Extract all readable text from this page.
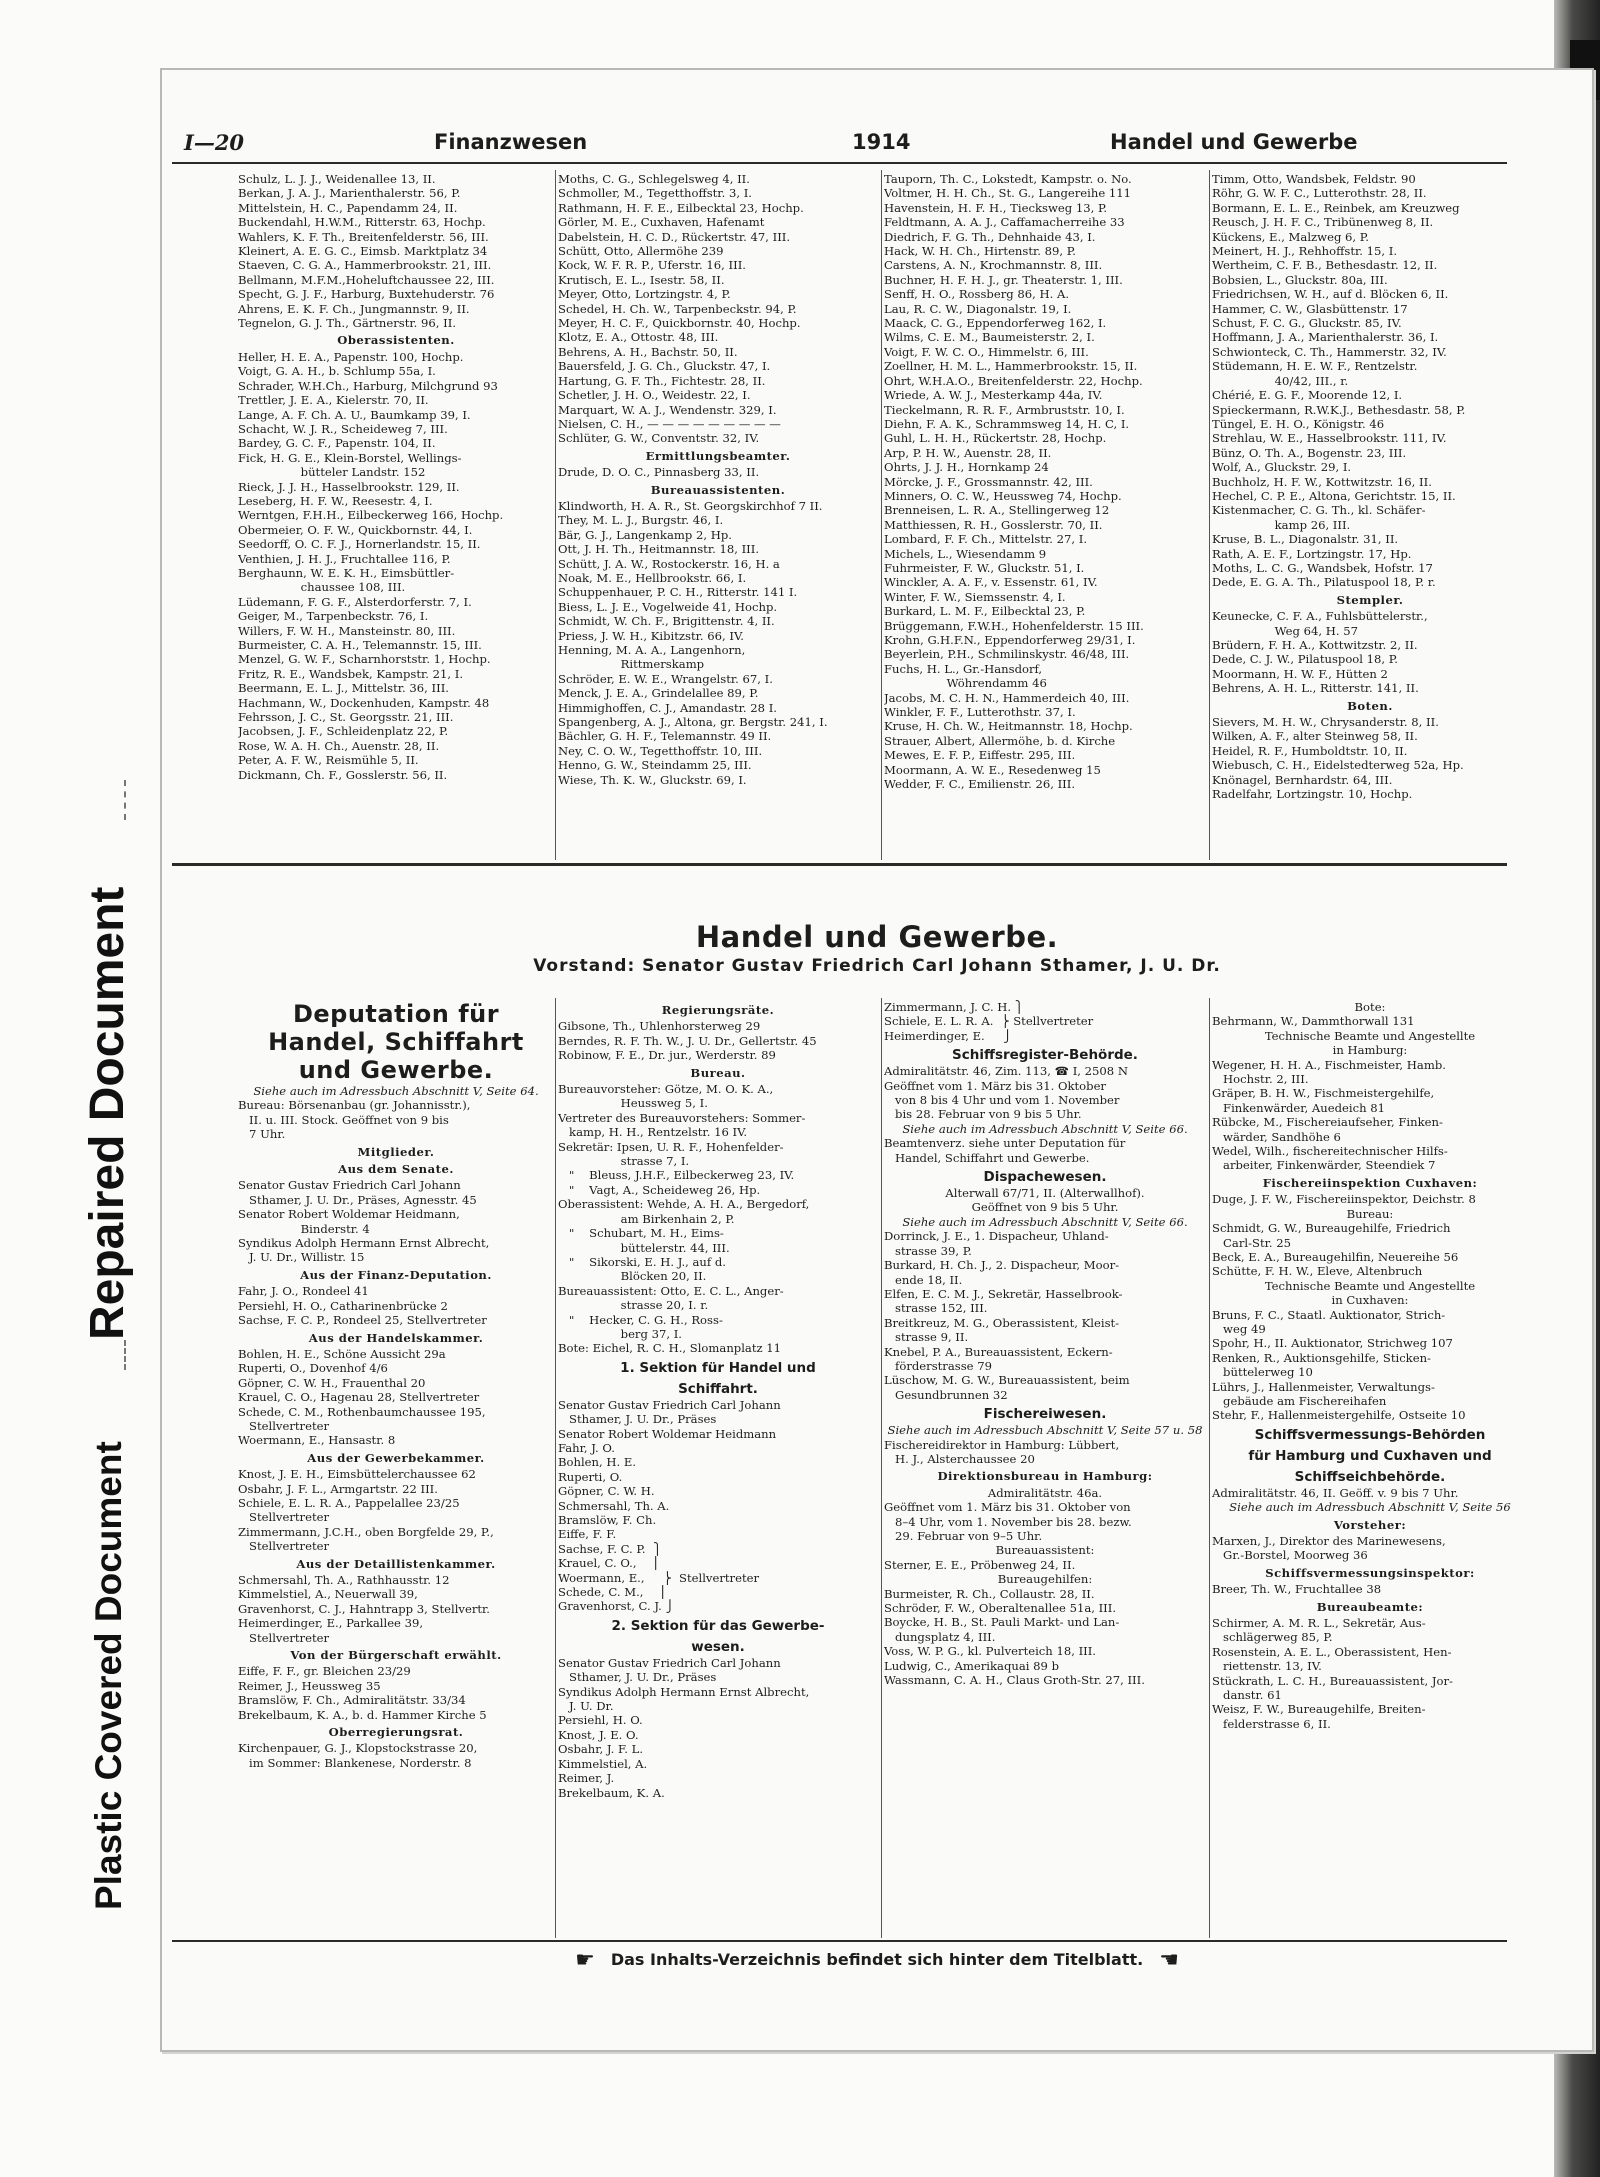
Repaired Document
Plastic Covered Document
I—20	Finanzwesen	1914	Handel und Gewerbe
Schulz, L. J. J., Weidenallee 13, II.
Berkan, J. A. J., Marienthalerstr. 56, P.
Mittelstein, H. C., Papendamm 24, II.
Buckendahl, H.W.M., Ritterstr. 63, Hochp.
Wahlers, K. F. Th., Breitenfelderstr. 56, III.
Kleinert, A. E. G. C., Eimsb. Marktplatz 34
Staeven, C. G. A., Hammerbrookstr. 21, III.
Bellmann, M.F.M.,Hoheluftchaussee 22, III.
Specht, G. J. F., Harburg, Buxtehuderstr. 76
Ahrens, E. K. F. Ch., Jungmannstr. 9, II.
Tegnelon, G. J. Th., Gärtnerstr. 96, II.
Oberassistenten.
Heller, H. E. A., Papenstr. 100, Hochp.
Voigt, G. A. H., b. Schlump 55a, I.
Schrader, W.H.Ch., Harburg, Milchgrund 93
Trettler, J. E. A., Kielerstr. 70, II.
Lange, A. F. Ch. A. U., Baumkamp 39, I.
Schacht, W. J. R., Scheideweg 7, III.
Bardey, G. C. F., Papenstr. 104, II.
Fick, H. G. E., Klein-Borstel, Wellings-
bütteler Landstr. 152
Rieck, J. J. H., Hasselbrookstr. 129, II.
Leseberg, H. F. W., Reesestr. 4, I.
Werntgen, F.H.H., Eilbeckerweg 166, Hochp.
Obermeier, O. F. W., Quickbornstr. 44, I.
Seedorff, O. C. F. J., Hornerlandstr. 15, II.
Venthien, J. H. J., Fruchtallee 116, P.
Berghaunn, W. E. K. H., Eimsbüttler-
chaussee 108, III.
Lüdemann, F. G. F., Alsterdorferstr. 7, I.
Geiger, M., Tarpenbeckstr. 76, I.
Willers, F. W. H., Mansteinstr. 80, III.
Burmeister, C. A. H., Telemannstr. 15, III.
Menzel, G. W. F., Scharnhorststr. 1, Hochp.
Fritz, R. E., Wandsbek, Kampstr. 21, I.
Beermann, E. L. J., Mittelstr. 36, III.
Hachmann, W., Dockenhuden, Kampstr. 48
Fehrsson, J. C., St. Georgsstr. 21, III.
Jacobsen, J. F., Schleidenplatz 22, P.
Rose, W. A. H. Ch., Auenstr. 28, II.
Peter, A. F. W., Reismühle 5, II.
Dickmann, Ch. F., Gosslerstr. 56, II.
Moths, C. G., Schlegelsweg 4, II.
Schmoller, M., Tegetthoffstr. 3, I.
Rathmann, H. F. E., Eilbecktal 23, Hochp.
Görler, M. E., Cuxhaven, Hafenamt
Dabelstein, H. C. D., Rückertstr. 47, III.
Schütt, Otto, Allermöhe 239
Kock, W. F. R. P., Uferstr. 16, III.
Krutisch, E. L., Isestr. 58, II.
Meyer, Otto, Lortzingstr. 4, P.
Schedel, H. Ch. W., Tarpenbeckstr. 94, P.
Meyer, H. C. F., Quickbornstr. 40, Hochp.
Klotz, E. A., Ottostr. 48, III.
Behrens, A. H., Bachstr. 50, II.
Bauersfeld, J. G. Ch., Gluckstr. 47, I.
Hartung, G. F. Th., Fichtestr. 28, II.
Schetler, J. H. O., Weidestr. 22, I.
Marquart, W. A. J., Wendenstr. 329, I.
Nielsen, C. H., — — — — — — — — —
Schlüter, G. W., Conventstr. 32, IV.
Ermittlungsbeamter.
Drude, D. O. C., Pinnasberg 33, II.
Bureauassistenten.
Klindworth, H. A. R., St. Georgskirchhof 7 II.
They, M. L. J., Burgstr. 46, I.
Bär, G. J., Langenkamp 2, Hp.
Ott, J. H. Th., Heitmannstr. 18, III.
Schütt, J. A. W., Rostockerstr. 16, H. a
Noak, M. E., Hellbrookstr. 66, I.
Schuppenhauer, P. C. H., Ritterstr. 141 I.
Biess, L. J. E., Vogelweide 41, Hochp.
Schmidt, W. Ch. F., Brigittenstr. 4, II.
Priess, J. W. H., Kibitzstr. 66, IV.
Henning, M. A. A., Langenhorn,
Rittmerskamp
Schröder, E. W. E., Wrangelstr. 67, I.
Menck, J. E. A., Grindelallee 89, P.
Himmighoffen, C. J., Amandastr. 28 I.
Spangenberg, A. J., Altona, gr. Bergstr. 241, I.
Bächler, G. H. F., Telemannstr. 49 II.
Ney, C. O. W., Tegetthoffstr. 10, III.
Henno, G. W., Steindamm 25, III.
Wiese, Th. K. W., Gluckstr. 69, I.
Tauporn, Th. C., Lokstedt, Kampstr. o. No.
Voltmer, H. H. Ch., St. G., Langereihe 111
Havenstein, H. F. H., Tiecksweg 13, P.
Feldtmann, A. A. J., Caffamacherreihe 33
Diedrich, F. G. Th., Dehnhaide 43, I.
Hack, W. H. Ch., Hirtenstr. 89, P.
Carstens, A. N., Krochmannstr. 8, III.
Buchner, H. F. H. J., gr. Theaterstr. 1, III.
Senff, H. O., Rossberg 86, H. A.
Lau, R. C. W., Diagonalstr. 19, I.
Maack, C. G., Eppendorferweg 162, I.
Wilms, C. E. M., Baumeisterstr. 2, I.
Voigt, F. W. C. O., Himmelstr. 6, III.
Zoellner, H. M. L., Hammerbrookstr. 15, II.
Ohrt, W.H.A.O., Breitenfelderstr. 22, Hochp.
Wriede, A. W. J., Mesterkamp 44a, IV.
Tieckelmann, R. R. F., Armbruststr. 10, I.
Diehn, F. A. K., Schrammsweg 14, H. C, I.
Guhl, L. H. H., Rückertstr. 28, Hochp.
Arp, P. H. W., Auenstr. 28, II.
Ohrts, J. J. H., Hornkamp 24
Mörcke, J. F., Grossmannstr. 42, III.
Minners, O. C. W., Heussweg 74, Hochp.
Brenneisen, L. R. A., Stellingerweg 12
Matthiessen, R. H., Gosslerstr. 70, II.
Lombard, F. F. Ch., Mittelstr. 27, I.
Michels, L., Wiesendamm 9
Fuhrmeister, F. W., Gluckstr. 51, I.
Winckler, A. A. F., v. Essenstr. 61, IV.
Winter, F. W., Siemssenstr. 4, I.
Burkard, L. M. F., Eilbecktal 23, P.
Brüggemann, F.W.H., Hohenfelderstr. 15 III.
Krohn, G.H.F.N., Eppendorferweg 29/31, I.
Beyerlein, P.H., Schmilinskystr. 46/48, III.
Fuchs, H. L., Gr.-Hansdorf,
Wöhrendamm 46
Jacobs, M. C. H. N., Hammerdeich 40, III.
Winkler, F. F., Lutterothstr. 37, I.
Kruse, H. Ch. W., Heitmannstr. 18, Hochp.
Strauer, Albert, Allermöhe, b. d. Kirche
Mewes, E. F. P., Eiffestr. 295, III.
Moormann, A. W. E., Resedenweg 15
Wedder, F. C., Emilienstr. 26, III.
Timm, Otto, Wandsbek, Feldstr. 90
Röhr, G. W. F. C., Lutterothstr. 28, II.
Bormann, E. L. E., Reinbek, am Kreuzweg
Reusch, J. H. F. C., Tribünenweg 8, II.
Kückens, E., Malzweg 6, P.
Meinert, H. J., Rehhoffstr. 15, I.
Wertheim, C. F. B., Bethesdastr. 12, II.
Bobsien, L., Gluckstr. 80a, III.
Friedrichsen, W. H., auf d. Blöcken 6, II.
Hammer, C. W., Glasbüttenstr. 17
Schust, F. C. G., Gluckstr. 85, IV.
Hoffmann, J. A., Marienthalerstr. 36, I.
Schwionteck, C. Th., Hammerstr. 32, IV.
Stüdemann, H. E. W. F., Rentzelstr.
40/42, III., r.
Chérié, E. G. F., Moorende 12, I.
Spieckermann, R.W.K.J., Bethesdastr. 58, P.
Tüngel, E. H. O., Königstr. 46
Strehlau, W. E., Hasselbrookstr. 111, IV.
Bünz, O. Th. A., Bogenstr. 23, III.
Wolf, A., Gluckstr. 29, I.
Buchholz, H. F. W., Kottwitzstr. 16, II.
Hechel, C. P. E., Altona, Gerichtstr. 15, II.
Kistenmacher, C. G. Th., kl. Schäfer-
kamp 26, III.
Kruse, B. L., Diagonalstr. 31, II.
Rath, A. E. F., Lortzingstr. 17, Hp.
Moths, L. C. G., Wandsbek, Hofstr. 17
Dede, E. G. A. Th., Pilatuspool 18, P. r.
Stempler.
Keunecke, C. F. A., Fuhlsbüttelerstr.,
Weg 64, H. 57
Brüdern, F. H. A., Kottwitzstr. 2, II.
Dede, C. J. W., Pilatuspool 18, P.
Moormann, H. W. F., Hütten 2
Behrens, A. H. L., Ritterstr. 141, II.
Boten.
Sievers, M. H. W., Chrysanderstr. 8, II.
Wilken, A. F., alter Steinweg 58, II.
Heidel, R. F., Humboldtstr. 10, II.
Wiebusch, C. H., Eidelstedterweg 52a, Hp.
Knönagel, Bernhardstr. 64, III.
Radelfahr, Lortzingstr. 10, Hochp.
Handel und Gewerbe.
Vorstand: Senator Gustav Friedrich Carl Johann Sthamer, J. U. Dr.
Deputation für
Handel, Schiffahrt
und Gewerbe.
Siehe auch im Adressbuch Abschnitt V, Seite 64.
Bureau: Börsenanbau (gr. Johannisstr.),
II. u. III. Stock. Geöffnet von 9 bis
7 Uhr.
Mitglieder.
Aus dem Senate.
Senator Gustav Friedrich Carl Johann
Sthamer, J. U. Dr., Präses, Agnesstr. 45
Senator Robert Woldemar Heidmann,
Binderstr. 4
Syndikus Adolph Hermann Ernst Albrecht,
J. U. Dr., Willistr. 15
Aus der Finanz-Deputation.
Fahr, J. O., Rondeel 41
Persiehl, H. O., Catharinenbrücke 2
Sachse, F. C. P., Rondeel 25, Stellvertreter
Aus der Handelskammer.
Bohlen, H. E., Schöne Aussicht 29a
Ruperti, O., Dovenhof 4/6
Göpner, C. W. H., Frauenthal 20
Krauel, C. O., Hagenau 28, Stellvertreter
Schede, C. M., Rothenbaumchaussee 195,
Stellvertreter
Woermann, E., Hansastr. 8
Aus der Gewerbekammer.
Knost, J. E. H., Eimsbüttelerchaussee 62
Osbahr, J. F. L., Armgartstr. 22 III.
Schiele, E. L. R. A., Pappelallee 23/25
Stellvertreter
Zimmermann, J.C.H., oben Borgfelde 29, P.,
Stellvertreter
Aus der Detaillistenkammer.
Schmersahl, Th. A., Rathhausstr. 12
Kimmelstiel, A., Neuerwall 39,
Gravenhorst, C. J., Hahntrapp 3, Stellvertr.
Heimerdinger, E., Parkallee 39,
Stellvertreter
Von der Bürgerschaft erwählt.
Eiffe, F. F., gr. Bleichen 23/29
Reimer, J., Heussweg 35
Bramslöw, F. Ch., Admiralitätstr. 33/34
Brekelbaum, K. A., b. d. Hammer Kirche 5
Oberregierungsrat.
Kirchenpauer, G. J., Klopstockstrasse 20,
im Sommer: Blankenese, Norderstr. 8
Regierungsräte.
Gibsone, Th., Uhlenhorsterweg 29
Berndes, R. F. Th. W., J. U. Dr., Gellertstr. 45
Robinow, F. E., Dr. jur., Werderstr. 89
Bureau.
Bureauvorsteher: Götze, M. O. K. A.,
Heussweg 5, I.
Vertreter des Bureauvorstehers: Sommer-
kamp, H. H., Rentzelstr. 16 IV.
Sekretär: Ipsen, U. R. F., Hohenfelder-
strasse 7, I.
"    Bleuss, J.H.F., Eilbeckerweg 23, IV.
"    Vagt, A., Scheideweg 26, Hp.
Oberassistent: Wehde, A. H. A., Bergedorf,
am Birkenhain 2, P.
"    Schubart, M. H., Eims-
büttelerstr. 44, III.
"    Sikorski, E. H. J., auf d.
Blöcken 20, II.
Bureauassistent: Otto, E. C. L., Anger-
strasse 20, I. r.
"    Hecker, C. G. H., Ross-
berg 37, I.
Bote: Eichel, R. C. H., Slomanplatz 11
1. Sektion für Handel und
Schiffahrt.
Senator Gustav Friedrich Carl Johann
Sthamer, J. U. Dr., Präses
Senator Robert Woldemar Heidmann
Fahr, J. O.
Bohlen, H. E.
Ruperti, O.
Göpner, C. W. H.
Schmersahl, Th. A.
Bramslöw, F. Ch.
Eiffe, F. F.
Sachse, F. C. P.  ⎫
Krauel, C. O.,    ⎪
Woermann, E.,     ⎬  Stellvertreter
Schede, C. M.,    ⎪
Gravenhorst, C. J. ⎭
2. Sektion für das Gewerbe-
wesen.
Senator Gustav Friedrich Carl Johann
Sthamer, J. U. Dr., Präses
Syndikus Adolph Hermann Ernst Albrecht,
J. U. Dr.
Persiehl, H. O.
Knost, J. E. O.
Osbahr, J. F. L.
Kimmelstiel, A.
Reimer, J.
Brekelbaum, K. A.
Zimmermann, J. C. H. ⎫
Schiele, E. L. R. A.  ⎬ Stellvertreter
Heimerdinger, E.     ⎭
Schiffsregister-Behörde.
Admiralitätstr. 46, Zim. 113, ☎ I, 2508 N
Geöffnet vom 1. März bis 31. Oktober
von 8 bis 4 Uhr und vom 1. November
bis 28. Februar von 9 bis 5 Uhr.
Siehe auch im Adressbuch Abschnitt V, Seite 66.
Beamtenverz. siehe unter Deputation für
Handel, Schiffahrt und Gewerbe.
Dispachewesen.
Alterwall 67/71, II. (Alterwallhof).
Geöffnet von 9 bis 5 Uhr.
Siehe auch im Adressbuch Abschnitt V, Seite 66.
Dorrinck, J. E., 1. Dispacheur, Uhland-
strasse 39, P.
Burkard, H. Ch. J., 2. Dispacheur, Moor-
ende 18, II.
Elfen, E. C. M. J., Sekretär, Hasselbrook-
strasse 152, III.
Breitkreuz, M. G., Oberassistent, Kleist-
strasse 9, II.
Knebel, P. A., Bureauassistent, Eckern-
förderstrasse 79
Lüschow, M. G. W., Bureauassistent, beim
Gesundbrunnen 32
Fischereiwesen.
Siehe auch im Adressbuch Abschnitt V, Seite 57 u. 58
Fischereidirektor in Hamburg: Lübbert,
H. J., Alsterchaussee 20
Direktionsbureau in Hamburg:
Admiralitätstr. 46a.
Geöffnet vom 1. März bis 31. Oktober von
8–4 Uhr, vom 1. November bis 28. bezw.
29. Februar von 9–5 Uhr.
Bureauassistent:
Sterner, E. E., Pröbenweg 24, II.
Bureaugehilfen:
Burmeister, R. Ch., Collaustr. 28, II.
Schröder, F. W., Oberaltenallee 51a, III.
Boycke, H. B., St. Pauli Markt- und Lan-
dungsplatz 4, III.
Voss, W. P. G., kl. Pulverteich 18, III.
Ludwig, C., Amerikaquai 89 b
Wassmann, C. A. H., Claus Groth-Str. 27, III.
Bote:
Behrmann, W., Dammthorwall 131
Technische Beamte und Angestellte
in Hamburg:
Wegener, H. H. A., Fischmeister, Hamb.
Hochstr. 2, III.
Gräper, B. H. W., Fischmeistergehilfe,
Finkenwärder, Auedeich 81
Rübcke, M., Fischereiaufseher, Finken-
wärder, Sandhöhe 6
Wedel, Wilh., fischereitechnischer Hilfs-
arbeiter, Finkenwärder, Steendiek 7
Fischereiinspektion Cuxhaven:
Duge, J. F. W., Fischereiinspektor, Deichstr. 8
Bureau:
Schmidt, G. W., Bureaugehilfe, Friedrich
Carl-Str. 25
Beck, E. A., Bureaugehilfin, Neuereihe 56
Schütte, F. H. W., Eleve, Altenbruch
Technische Beamte und Angestellte
in Cuxhaven:
Bruns, F. C., Staatl. Auktionator, Strich-
weg 49
Spohr, H., II. Auktionator, Strichweg 107
Renken, R., Auktionsgehilfe, Sticken-
büttelerweg 10
Lührs, J., Hallenmeister, Verwaltungs-
gebäude am Fischereihafen
Stehr, F., Hallenmeistergehilfe, Ostseite 10
Schiffsvermessungs-Behörden
für Hamburg und Cuxhaven und
Schiffseichbehörde.
Admiralitätstr. 46, II. Geöff. v. 9 bis 7 Uhr.
Siehe auch im Adressbuch Abschnitt V, Seite 56
Vorsteher:
Marxen, J., Direktor des Marinewesens,
Gr.-Borstel, Moorweg 36
Schiffsvermessungsinspektor:
Breer, Th. W., Fruchtallee 38
Bureaubeamte:
Schirmer, A. M. R. L., Sekretär, Aus-
schlägerweg 85, P.
Rosenstein, A. E. L., Oberassistent, Hen-
riettenstr. 13, IV.
Stückrath, L. C. H., Bureauassistent, Jor-
danstr. 61
Weisz, F. W., Bureaugehilfe, Breiten-
felderstrasse 6, II.
☛ Das Inhalts-Verzeichnis befindet sich hinter dem Titelblatt. ☚
